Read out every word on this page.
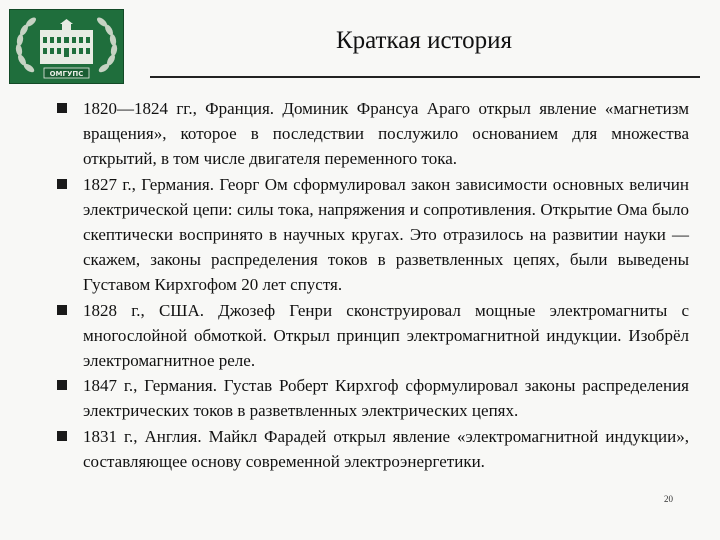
ОМГУПС
Краткая история
1820—1824 гг., Франция. Доминик Франсуа Араго открыл явление «магнетизм вращения», которое в последствии послужило основанием для множества открытий, в том числе двигателя переменного тока.
1827 г., Германия. Георг Ом сформулировал закон зависимости основных величин электрической цепи: силы тока, напряжения и сопротивления. Открытие Ома было скептически воспринято в научных кругах. Это отразилось на развитии науки — скажем, законы распределения токов в разветвленных цепях, были выведены Густавом Кирхгофом 20 лет спустя.
1828 г., США. Джозеф Генри сконструировал мощные электромагниты с многослойной обмоткой. Открыл принцип электромагнитной индукции. Изобрёл электромагнитное реле.
1847 г., Германия. Густав Роберт Кирхгоф сформулировал законы распределения электрических токов в разветвленных электрических цепях.
1831 г., Англия. Майкл Фарадей открыл явление «электромагнитной индукции», составляющее основу современной электроэнергетики.
20
